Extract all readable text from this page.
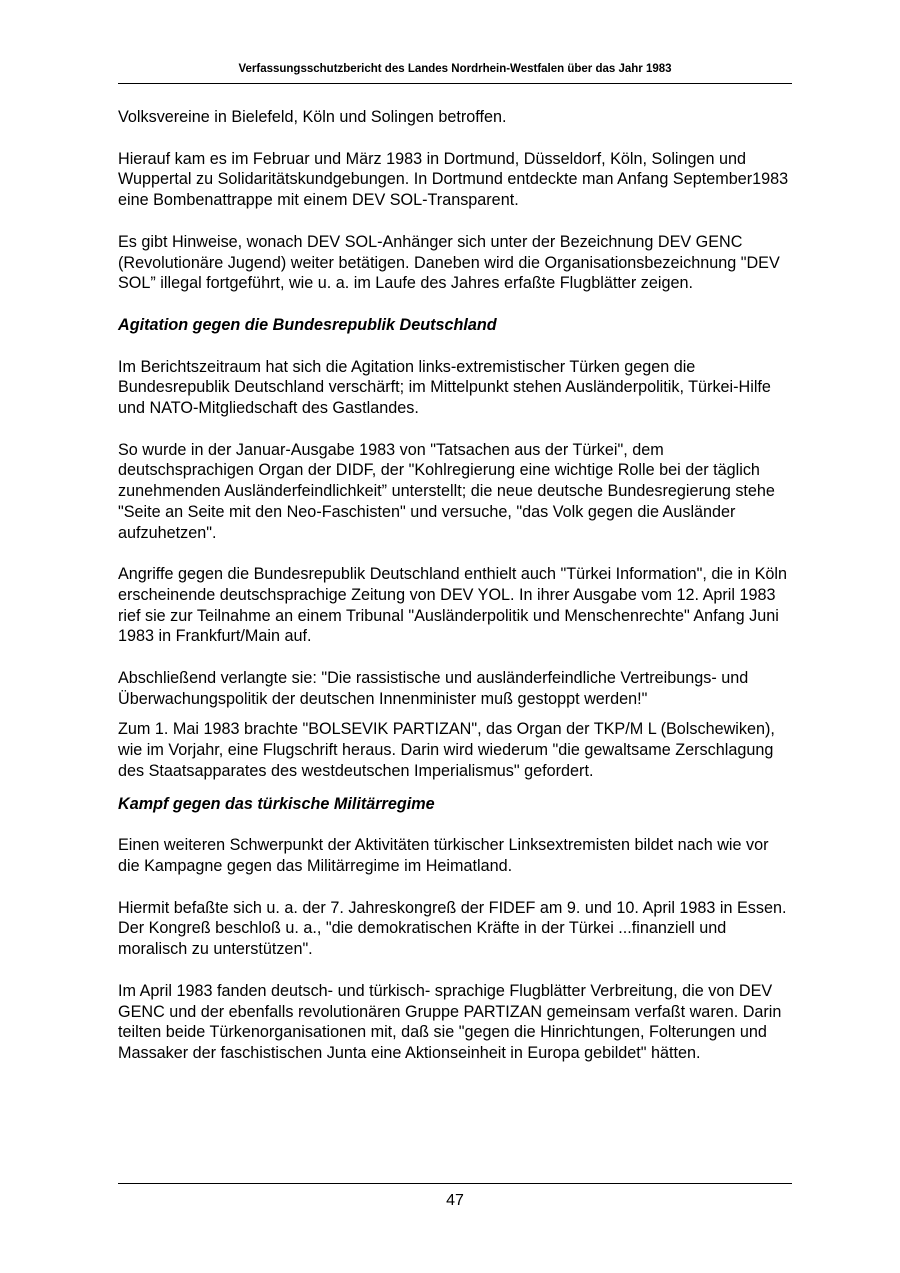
Verfassungsschutzbericht des Landes Nordrhein-Westfalen über das Jahr 1983

Volksvereine in Bielefeld, Köln und Solingen betroffen.

Hierauf kam es im Februar und März 1983 in Dortmund, Düsseldorf, Köln, Solingen und Wuppertal zu Solidaritätskundgebungen. In Dortmund entdeckte man Anfang September1983 eine Bombenattrappe mit einem DEV SOL-Transparent.

Es gibt Hinweise, wonach DEV SOL-Anhänger sich unter der Bezeichnung DEV GENC (Revolutionäre Jugend) weiter betätigen. Daneben wird die Organisationsbezeichnung "DEV SOL” illegal fortgeführt, wie u. a. im Laufe des Jahres erfaßte Flugblätter zeigen.

Agitation gegen die Bundesrepublik Deutschland

Im Berichtszeitraum hat sich die Agitation links-extremistischer Türken gegen die Bundesrepublik Deutschland verschärft; im Mittelpunkt stehen Ausländerpolitik, Türkei-Hilfe und NATO-Mitgliedschaft des Gastlandes.

So wurde in der Januar-Ausgabe 1983 von "Tatsachen aus der Türkei", dem deutschsprachigen Organ der DIDF, der "Kohlregierung eine wichtige Rolle bei der täglich zunehmenden Ausländerfeindlichkeit” unterstellt; die neue deutsche Bundesregierung stehe "Seite an Seite mit den Neo-Faschisten" und versuche, "das Volk gegen die Ausländer aufzuhetzen".

Angriffe gegen die Bundesrepublik Deutschland enthielt auch "Türkei Information", die in Köln erscheinende deutschsprachige Zeitung von DEV YOL. In ihrer Ausgabe vom 12. April 1983 rief sie zur Teilnahme an einem Tribunal "Ausländerpolitik und Menschenrechte" Anfang Juni 1983 in Frankfurt/Main auf.

Abschließend verlangte sie: "Die rassistische und ausländerfeindliche Vertreibungs- und Überwachungspolitik der deutschen Innenminister muß gestoppt werden!"

Zum 1. Mai 1983 brachte "BOLSEVIK PARTIZAN", das Organ der TKP/M L (Bolschewiken), wie im Vorjahr, eine Flugschrift heraus. Darin wird wiederum "die gewaltsame Zerschlagung des Staatsapparates des westdeutschen Imperialismus" gefordert.

Kampf gegen das türkische Militärregime

Einen weiteren Schwerpunkt der Aktivitäten türkischer Linksextremisten bildet nach wie vor die Kampagne gegen das Militärregime im Heimatland.

Hiermit befaßte sich u. a. der 7. Jahreskongreß der FIDEF am 9. und 10. April 1983 in Essen. Der Kongreß beschloß u. a., "die demokratischen Kräfte in der Türkei ...finanziell und moralisch zu unterstützen".

Im April 1983 fanden deutsch- und türkisch- sprachige Flugblätter Verbreitung, die von DEV GENC und der ebenfalls revolutionären Gruppe PARTIZAN gemeinsam verfaßt waren. Darin teilten beide Türkenorganisationen mit, daß sie "gegen die Hinrichtungen, Folterungen und Massaker der faschistischen Junta eine Aktionseinheit in Europa gebildet" hätten.

47
